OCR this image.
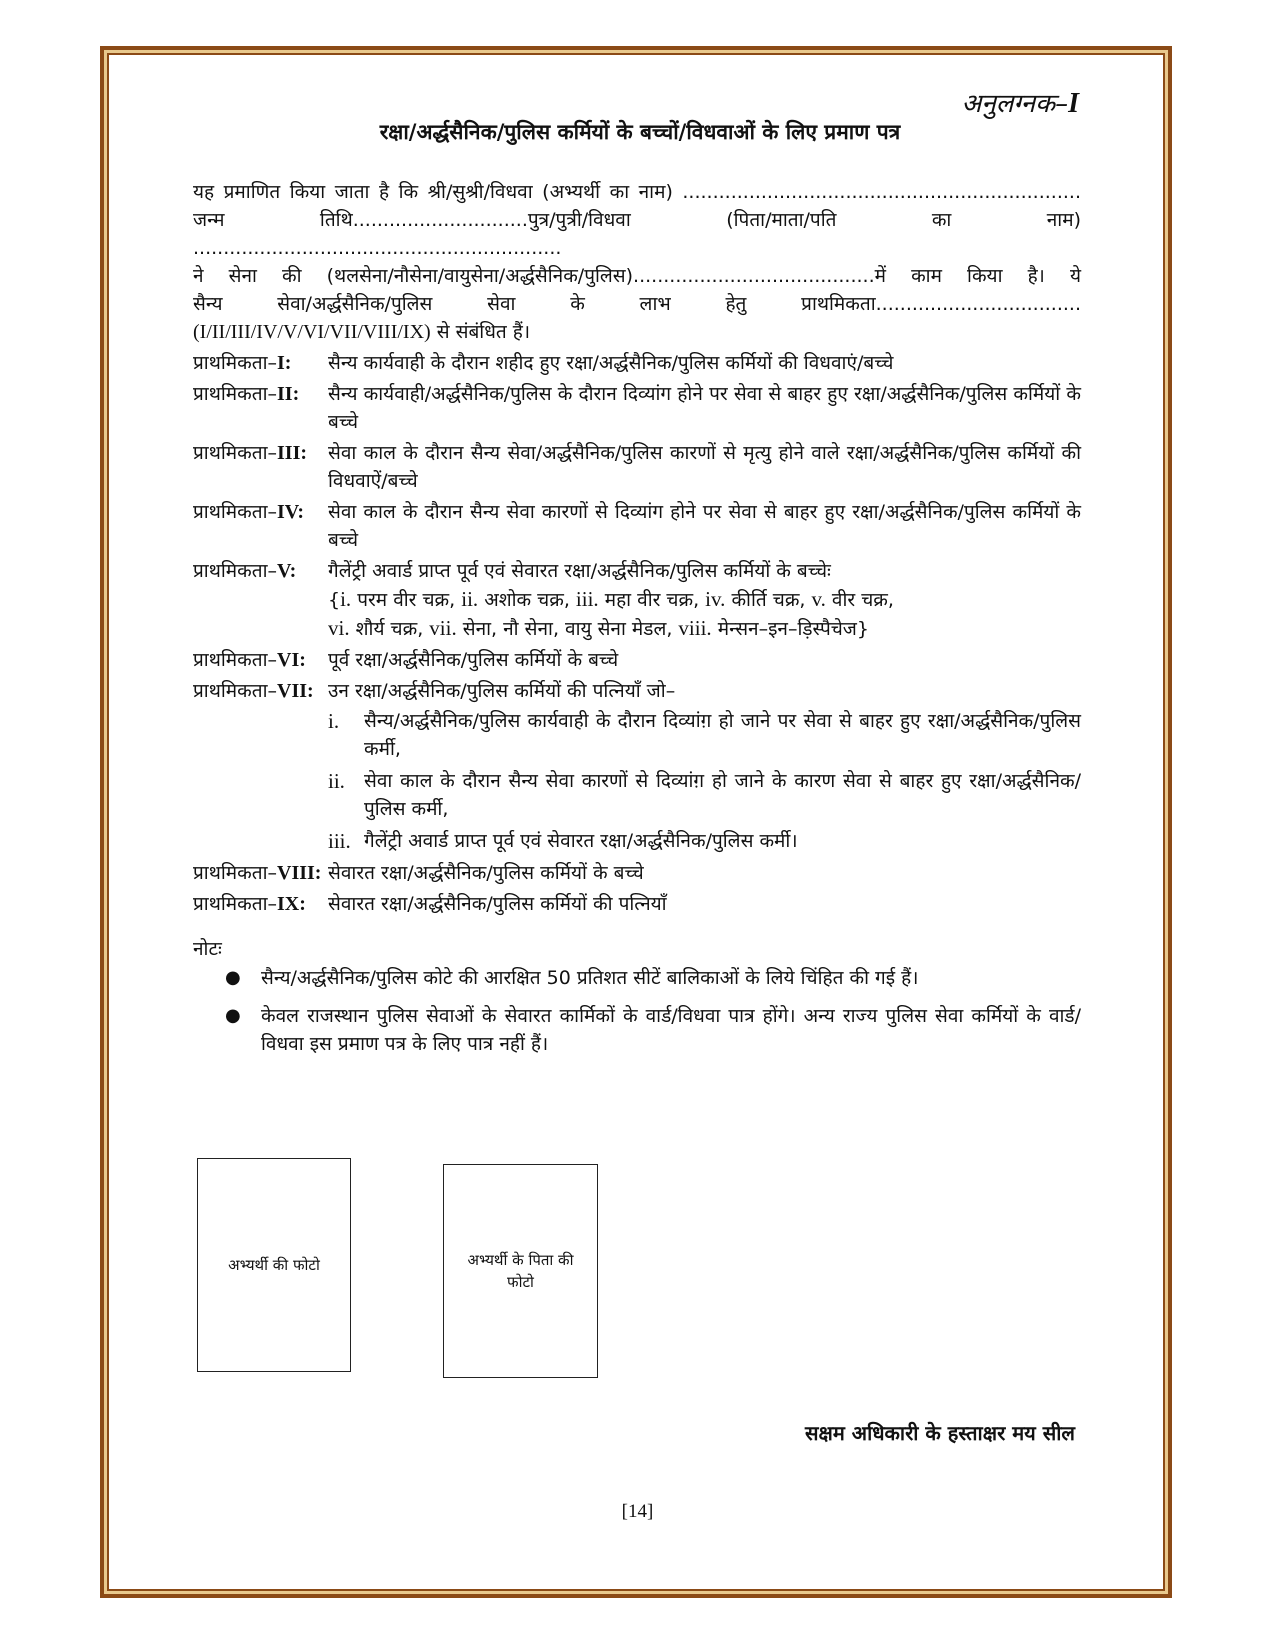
अनुलग्नक–I
रक्षा/अर्द्धसैनिक/पुलिस कर्मियों के बच्चों/विधवाओं के लिए प्रमाण पत्र

यह प्रमाणित किया जाता है कि श्री/सुश्री/विधवा (अभ्यर्थी का नाम) ..................................................................

जन्म तिथि.............................पुत्र/पुत्री/विधवा (पिता/माता/पति का नाम) .............................................................

ने सेना की (थलसेना/नौसेना/वायुसेना/अर्द्धसैनिक/पुलिस)........................................में काम किया है। ये

सैन्य सेवा/अर्द्धसैनिक/पुलिस सेवा के लाभ हेतु प्राथमिकता..................................

(I/II/III/IV/V/VI/VII/VIII/IX) से संबंधित हैं।

प्राथमिकता–I: सैन्य कार्यवाही के दौरान शहीद हुए रक्षा/अर्द्धसैनिक/पुलिस कर्मियों की विधवाएं/बच्चे
प्राथमिकता–II: सैन्य कार्यवाही/अर्द्धसैनिक/पुलिस के दौरान दिव्यांग होने पर सेवा से बाहर हुए रक्षा/अर्द्धसैनिक/पुलिस कर्मियों के बच्चे
प्राथमिकता–III: सेवा काल के दौरान सैन्य सेवा/अर्द्धसैनिक/पुलिस कारणों से मृत्यु होने वाले रक्षा/अर्द्धसैनिक/पुलिस कर्मियों की विधवाऐं/बच्चे
प्राथमिकता–IV: सेवा काल के दौरान सैन्य सेवा कारणों से दिव्यांग होने पर सेवा से बाहर हुए रक्षा/अर्द्धसैनिक/पुलिस कर्मियों के बच्चे
प्राथमिकता–V: गैलेंट्री अवार्ड प्राप्त पूर्व एवं सेवारत रक्षा/अर्द्धसैनिक/पुलिस कर्मियों के बच्चेः
{i. परम वीर चक्र, ii. अशोक चक्र, iii. महा वीर चक्र, iv. कीर्ति चक्र, v. वीर चक्र,
vi. शौर्य चक्र, vii. सेना, नौ सेना, वायु सेना मेडल, viii. मेन्सन–इन–ड़िस्पैचेज}
प्राथमिकता–VI: पूर्व रक्षा/अर्द्धसैनिक/पुलिस कर्मियों के बच्चे
प्राथमिकता–VII: उन रक्षा/अर्द्धसैनिक/पुलिस कर्मियों की पत्नियाँ जो–
i. सैन्य/अर्द्धसैनिक/पुलिस कार्यवाही के दौरान दिव्यांग़ हो जाने पर सेवा से बाहर हुए रक्षा/अर्द्धसैनिक/पुलिस कर्मी,
ii. सेवा काल के दौरान सैन्य सेवा कारणों से दिव्यांग़ हो जाने के कारण सेवा से बाहर हुए रक्षा/अर्द्धसैनिक/पुलिस कर्मी,
iii. गैलेंट्री अवार्ड प्राप्त पूर्व एवं सेवारत रक्षा/अर्द्धसैनिक/पुलिस कर्मी।
प्राथमिकता–VIII: सेवारत रक्षा/अर्द्धसैनिक/पुलिस कर्मियों के बच्चे
प्राथमिकता–IX: सेवारत रक्षा/अर्द्धसैनिक/पुलिस कर्मियों की पत्नियाँ
नोटः
● सैन्य/अर्द्धसैनिक/पुलिस कोटे की आरक्षित 50 प्रतिशत सीटें बालिकाओं के लिये चिंहित की गई हैं।
● केवल राजस्थान पुलिस सेवाओं के सेवारत कार्मिकों के वार्ड/विधवा पात्र होंगे। अन्य राज्य पुलिस सेवा कर्मियों के वार्ड/विधवा इस प्रमाण पत्र के लिए पात्र नहीं हैं।
अभ्यर्थी की फोटो	अभ्यर्थी के पिता की फोटो
सक्षम अधिकारी के हस्ताक्षर मय सील
[14]
